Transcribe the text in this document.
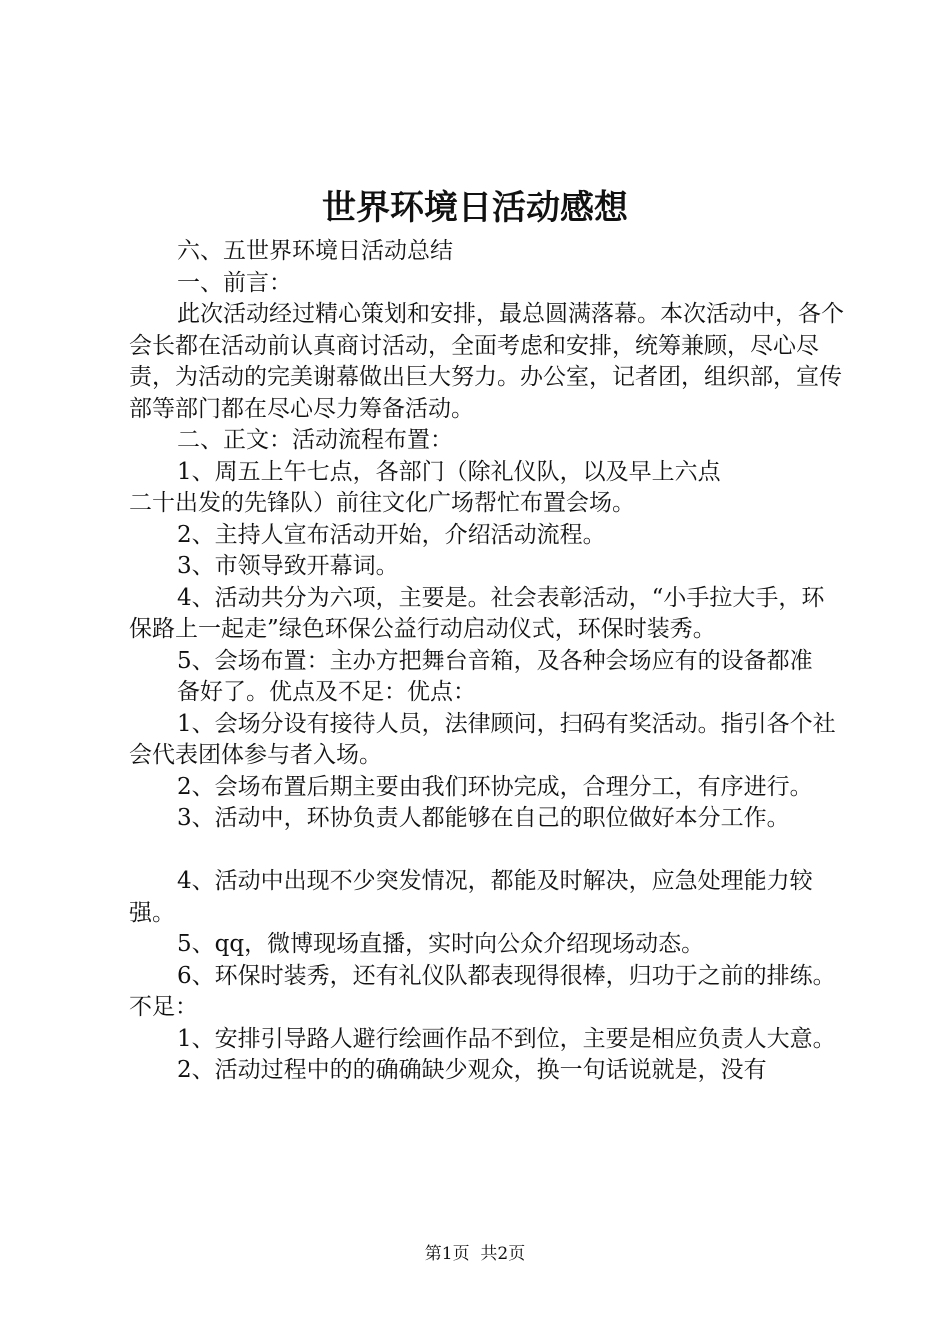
世界环境日活动感想

六、五世界环境日活动总结

一、前言：

此次活动经过精心策划和安排，最总圆满落幕。本次活动中，各个会长都在活动前认真商讨活动，全面考虑和安排，统筹兼顾，尽心尽责，为活动的完美谢幕做出巨大努力。办公室，记者团，组织部，宣传部等部门都在尽心尽力筹备活动。

二、正文：活动流程布置：

1、周五上午七点，各部门（除礼仪队，以及早上六点

二十出发的先锋队）前往文化广场帮忙布置会场。

2、主持人宣布活动开始，介绍活动流程。

3、市领导致开幕词。

4、活动共分为六项，主要是。社会表彰活动，“小手拉大手，环保路上一起走”绿色环保公益行动启动仪式，环保时装秀。

5、会场布置：主办方把舞台音箱，及各种会场应有的设备都准

备好了。优点及不足：优点：

1、会场分设有接待人员，法律顾问，扫码有奖活动。指引各个社会代表团体参与者入场。

2、会场布置后期主要由我们环协完成，合理分工，有序进行。

3、活动中，环协负责人都能够在自己的职位做好本分工作。

4、活动中出现不少突发情况，都能及时解决，应急处理能力较强。

5、qq，微博现场直播，实时向公众介绍现场动态。

6、环保时装秀，还有礼仪队都表现得很棒，归功于之前的排练。不足：

1、安排引导路人避行绘画作品不到位，主要是相应负责人大意。

2、活动过程中的的确确缺少观众，换一句话说就是，没有

第1页 共2页
